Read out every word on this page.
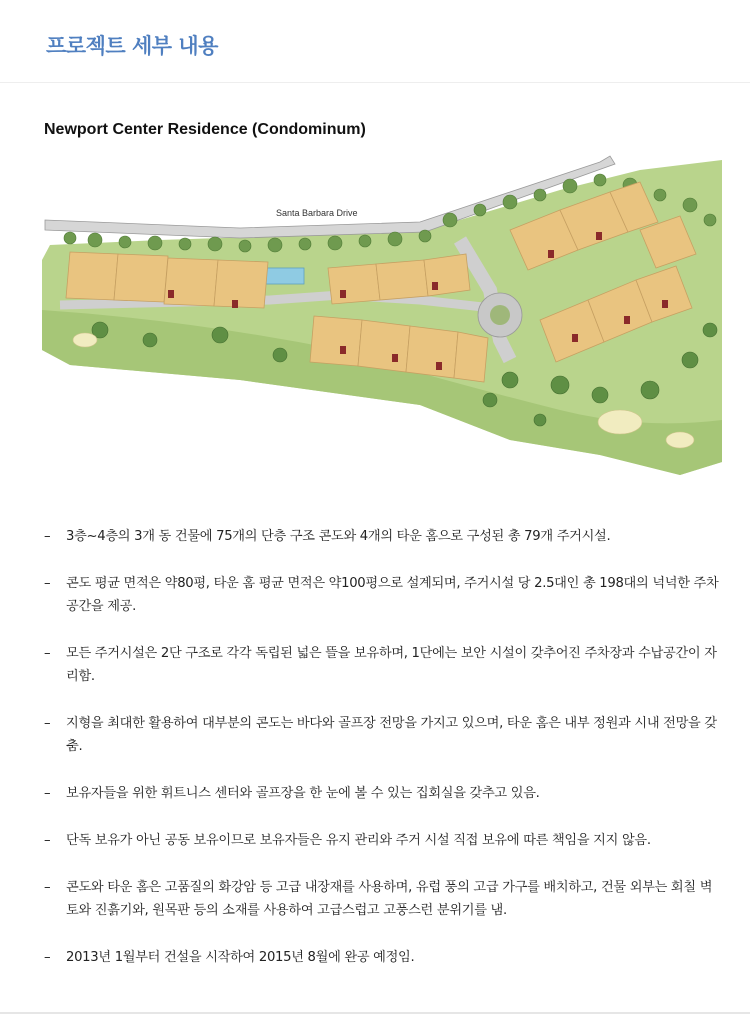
프로젝트 세부 내용
Newport Center Residence (Condominum)
Santa Barbara Drive
– 3층~4층의 3개 동 건물에 75개의 단층 구조 콘도와 4개의 타운 홈으로 구성된 총 79개 주거시설.
– 콘도 평균 면적은 약80평, 타운 홈 평균 면적은 약100평으로 설계되며, 주거시설 당 2.5대인 총 198대의 넉넉한 주차 공간을 제공.
– 모든 주거시설은 2단 구조로 각각 독립된 넓은 뜰을 보유하며, 1단에는 보안 시설이 갖추어진 주차장과 수납공간이 자리함.
– 지형을 최대한 활용하여 대부분의 콘도는 바다와 골프장 전망을 가지고 있으며, 타운 홈은 내부 정원과 시내 전망을 갖춤.
– 보유자들을 위한 휘트니스 센터와 골프장을 한 눈에 볼 수 있는 집회실을 갖추고 있음.
– 단독 보유가 아닌 공동 보유이므로 보유자들은 유지 관리와 주거 시설 직접 보유에 따른 책임을 지지 않음.
– 콘도와 타운 홈은 고품질의 화강암 등 고급 내장재를 사용하며, 유럽 풍의 고급 가구를 배치하고, 건물 외부는 회칠 벽토와 진흙기와, 원목판 등의 소재를 사용하여 고급스럽고 고풍스런 분위기를 냄.
– 2013년 1월부터 건설을 시작하여 2015년 8월에 완공 예정임.
